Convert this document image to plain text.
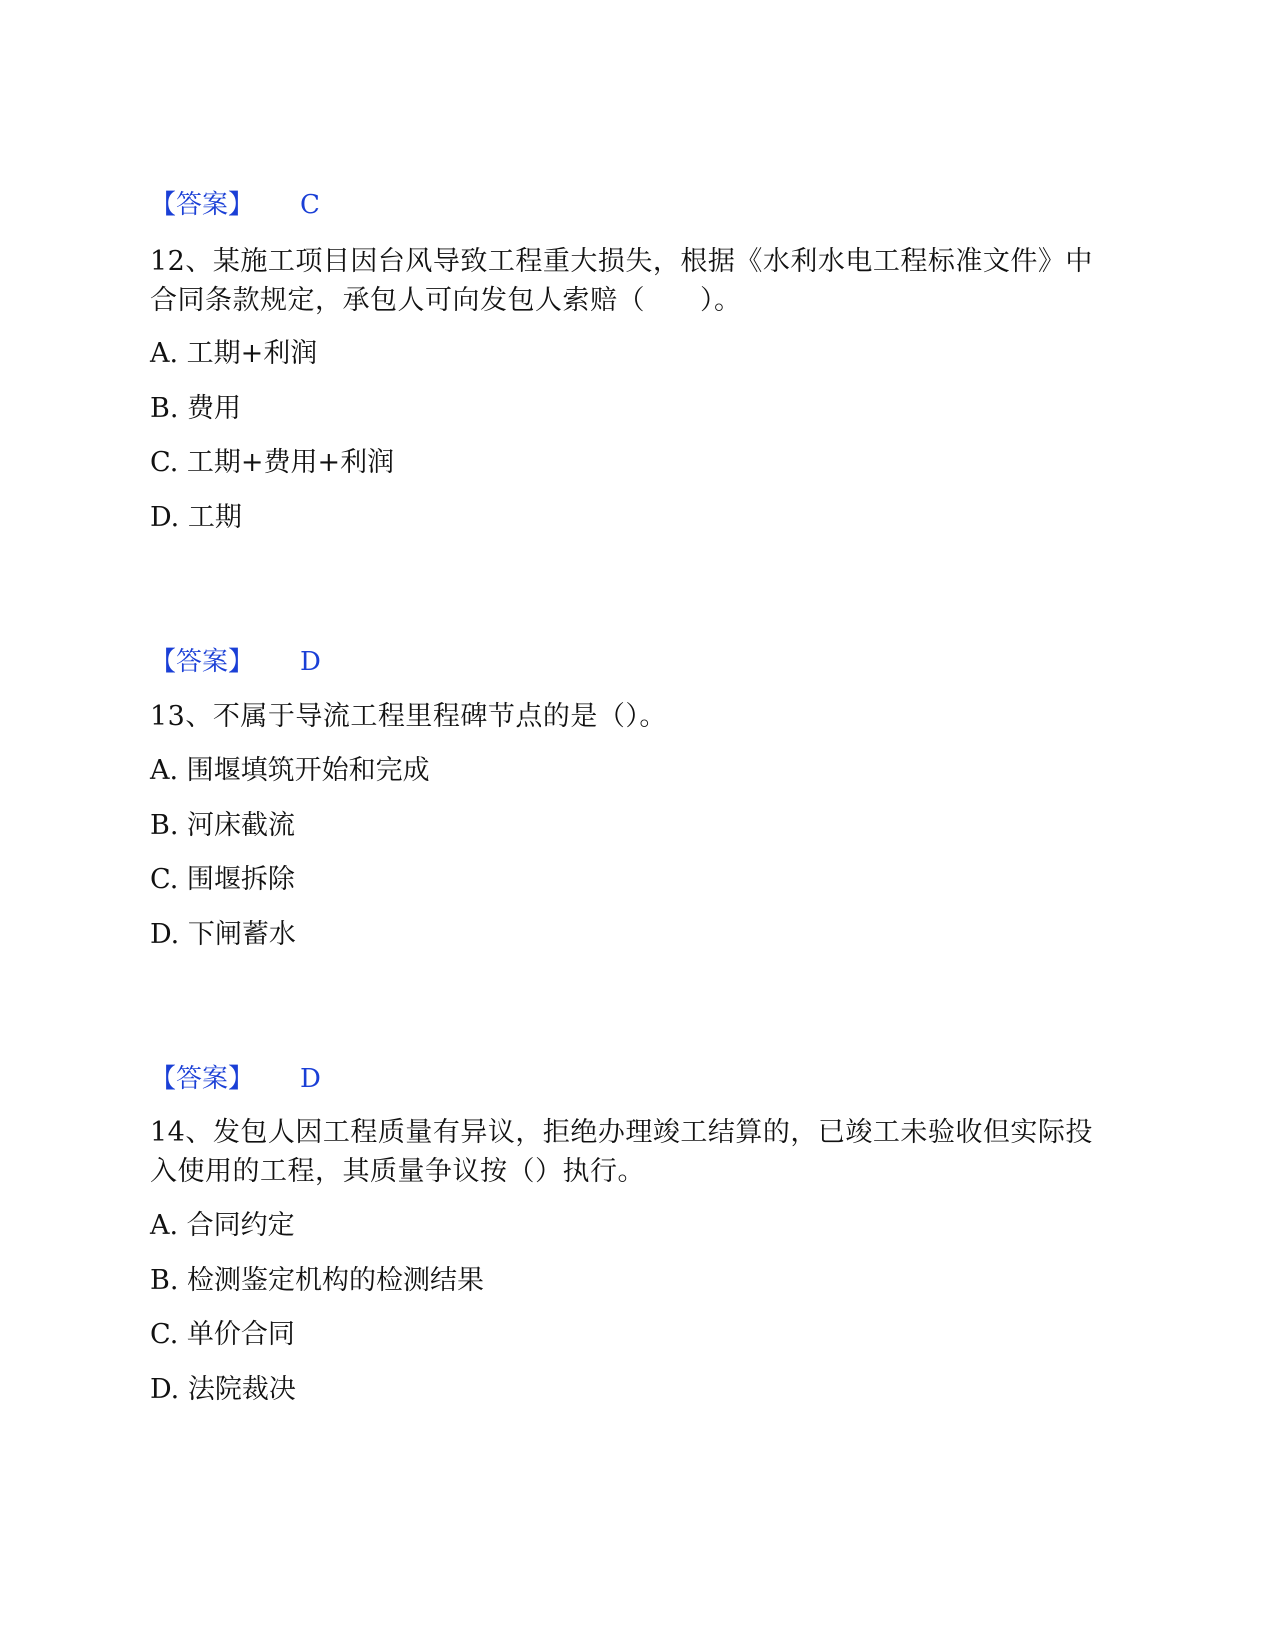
【答案】 C
12、某施工项目因台风导致工程重大损失，根据《水利水电工程标准文件》中合同条款规定，承包人可向发包人索赔（　　）。
A. 工期+利润
B. 费用
C. 工期+费用+利润
D. 工期
【答案】 D
13、不属于导流工程里程碑节点的是（）。
A. 围堰填筑开始和完成
B. 河床截流
C. 围堰拆除
D. 下闸蓄水
【答案】 D
14、发包人因工程质量有异议，拒绝办理竣工结算的，已竣工未验收但实际投入使用的工程，其质量争议按（）执行。
A. 合同约定
B. 检测鉴定机构的检测结果
C. 单价合同
D. 法院裁决
